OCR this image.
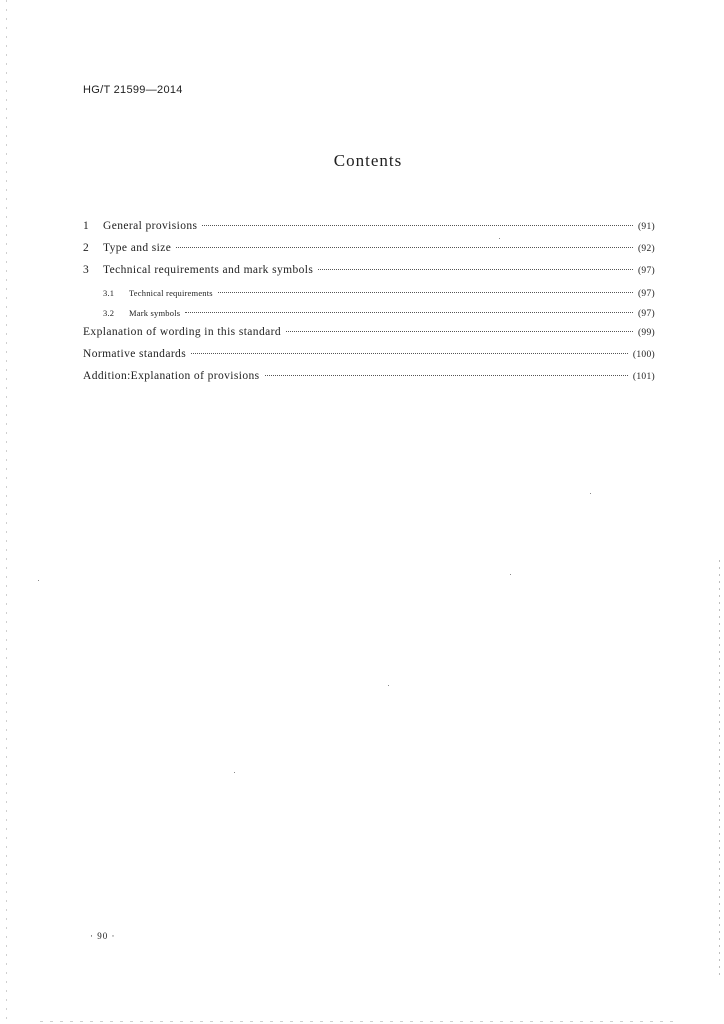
HG/T 21599—2014
Contents
1	General provisions	(91)
2	Type and size	(92)
3	Technical requirements and mark symbols	(97)
3.1	Technical requirements	(97)
3.2	Mark symbols	(97)
Explanation of wording in this standard	(99)
Normative standards	(100)
Addition:Explanation of provisions	(101)
· 90 ·
